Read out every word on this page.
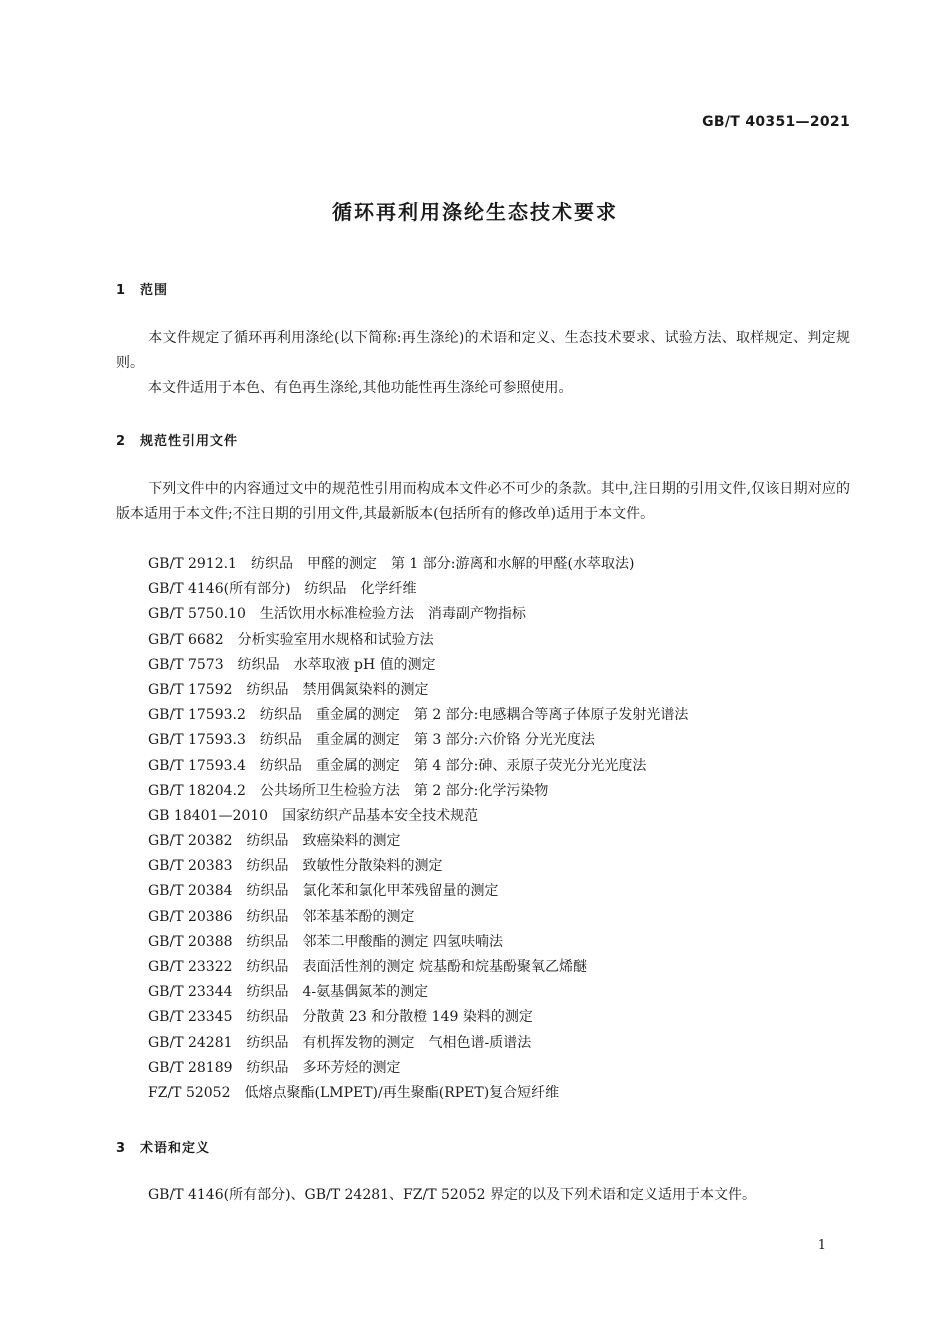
GB/T 40351—2021
循环再利用涤纶生态技术要求
1 范围
本文件规定了循环再利用涤纶(以下简称:再生涤纶)的术语和定义、生态技术要求、试验方法、取样规定、判定规则。
本文件适用于本色、有色再生涤纶,其他功能性再生涤纶可参照使用。
2 规范性引用文件
下列文件中的内容通过文中的规范性引用而构成本文件必不可少的条款。其中,注日期的引用文件,仅该日期对应的版本适用于本文件;不注日期的引用文件,其最新版本(包括所有的修改单)适用于本文件。
GB/T 2912.1 纺织品　甲醛的测定　第 1 部分:游离和水解的甲醛(水萃取法)
GB/T 4146(所有部分) 纺织品　化学纤维
GB/T 5750.10 生活饮用水标准检验方法　消毒副产物指标
GB/T 6682 分析实验室用水规格和试验方法
GB/T 7573 纺织品　水萃取液 pH 值的测定
GB/T 17592 纺织品　禁用偶氮染料的测定
GB/T 17593.2 纺织品　重金属的测定　第 2 部分:电感耦合等离子体原子发射光谱法
GB/T 17593.3 纺织品　重金属的测定　第 3 部分:六价铬 分光光度法
GB/T 17593.4 纺织品　重金属的测定　第 4 部分:砷、汞原子荧光分光光度法
GB/T 18204.2 公共场所卫生检验方法　第 2 部分:化学污染物
GB 18401—2010 国家纺织产品基本安全技术规范
GB/T 20382 纺织品　致癌染料的测定
GB/T 20383 纺织品　致敏性分散染料的测定
GB/T 20384 纺织品　氯化苯和氯化甲苯残留量的测定
GB/T 20386 纺织品　邻苯基苯酚的测定
GB/T 20388 纺织品　邻苯二甲酸酯的测定 四氢呋喃法
GB/T 23322 纺织品　表面活性剂的测定 烷基酚和烷基酚聚氧乙烯醚
GB/T 23344 纺织品　4-氨基偶氮苯的测定
GB/T 23345 纺织品　分散黄 23 和分散橙 149 染料的测定
GB/T 24281 纺织品　有机挥发物的测定　气相色谱-质谱法
GB/T 28189 纺织品　多环芳烃的测定
FZ/T 52052 低熔点聚酯(LMPET)/再生聚酯(RPET)复合短纤维
3 术语和定义
GB/T 4146(所有部分)、GB/T 24281、FZ/T 52052 界定的以及下列术语和定义适用于本文件。
1
